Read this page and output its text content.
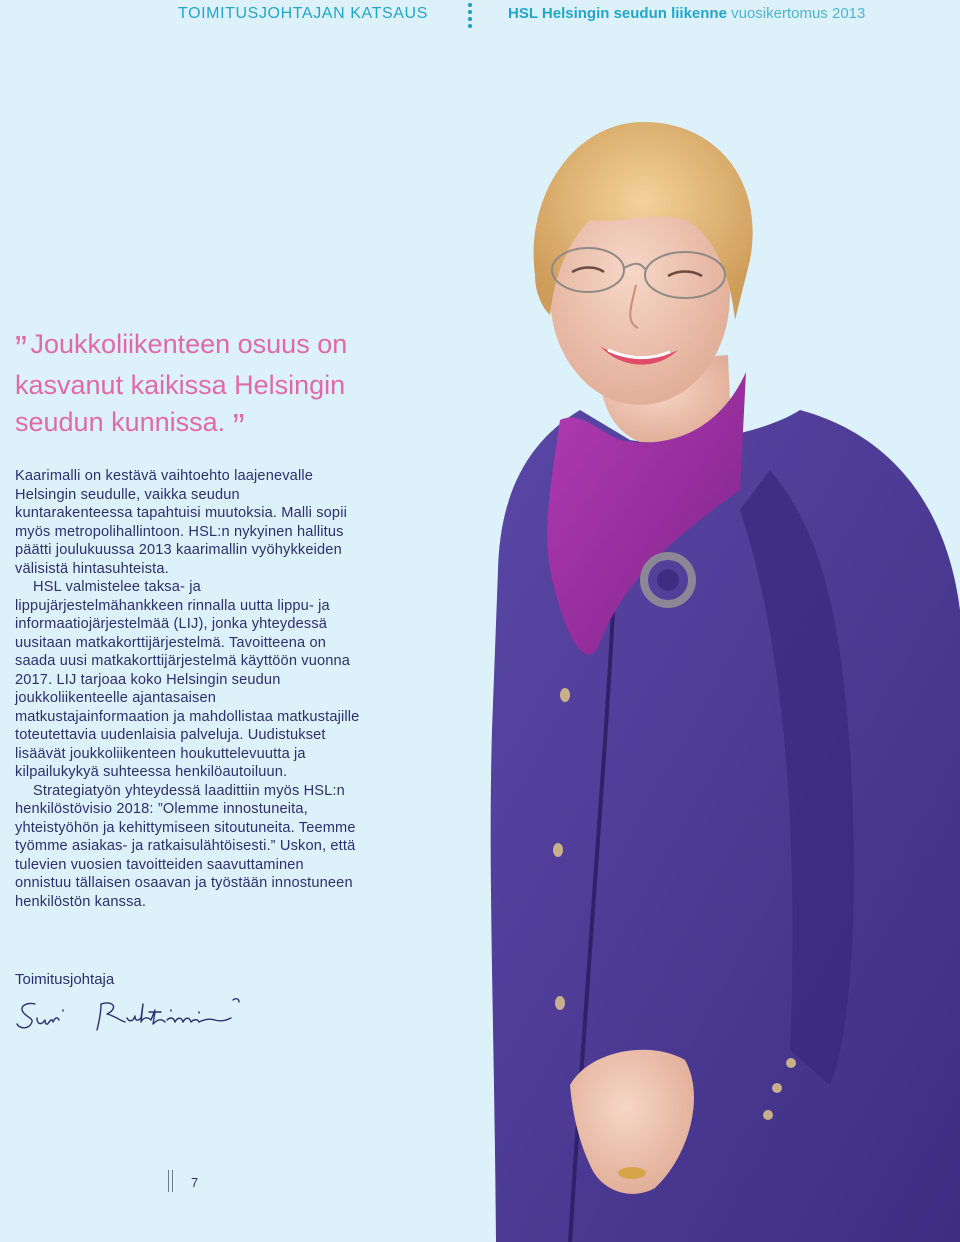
TOIMITUSJOHTAJAN KATSAUS	HSL Helsingin seudun liikenne vuosikertomus 2013
” Joukkoliikenteen osuus on kasvanut kaikissa Helsingin seudun kunnissa. ”

Kaarimalli on kestävä vaihtoehto laajenevalle Helsingin seudulle, vaikka seudun kuntarakenteessa tapahtuisi muutoksia. Malli sopii myös metropolihallintoon. HSL:n nykyinen hallitus päätti joulukuussa 2013 kaarimallin vyöhykkeiden välisistä hintasuhteista.

HSL valmistelee taksa- ja lippujärjestelmähankkeen rinnalla uutta lippu- ja informaatiojärjestelmää (LIJ), jonka yhteydessä uusitaan matkakorttijärjestelmä. Tavoitteena on saada uusi matkakorttijärjestelmä käyttöön vuonna 2017. LIJ tarjoaa koko Helsingin seudun joukkoliikenteelle ajantasaisen matkustajainformaation ja mahdollistaa matkustajille toteutettavia uudenlaisia palveluja. Uudistukset lisäävät joukkoliikenteen houkuttelevuutta ja kilpailukykyä suhteessa henkilöautoiluun.

Strategiatyön yhteydessä laadittiin myös HSL:n henkilöstövisio 2018: ”Olemme innostuneita, yhteistyöhön ja kehittymiseen sitoutuneita. Teemme työmme asiakas- ja ratkaisulähtöisesti.” Uskon, että tulevien vuosien tavoitteiden saavuttaminen onnistuu tällaisen osaavan ja työstään innostuneen henkilöstön kanssa.

Toimitusjohtaja
7
